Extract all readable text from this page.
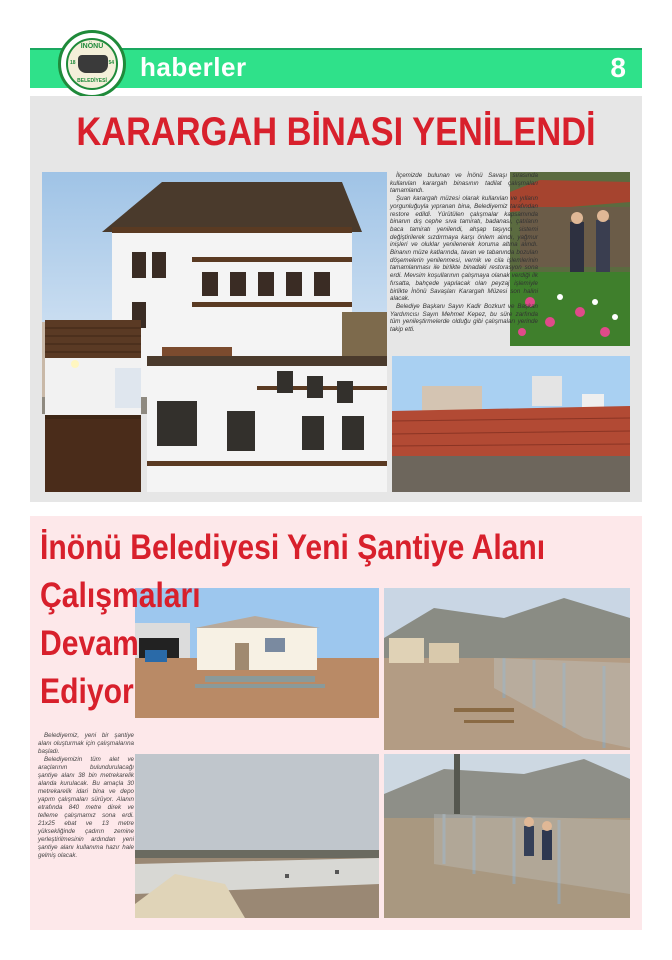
haberler	8
İNÖNÜ
18	54
BELEDİYESİ
KARARGAH BİNASI YENİLENDİ

İlçemizde bulunan ve İnönü Savaşı sırasında kullanılan karargah binasının tadilat çalışmaları tamamlandı.

Şuan karargah müzesi olarak kullanılan ve yılların yorgunluğuyla yıpranan bina, Belediyemiz tarafından restore edildi. Yürütülen çalışmalar kapsamında binanın dış cephe sıva tamiratı, badanası, çatıların baca tamiratı yenilendi, ahşap taşıyıcı sistemi değiştirilerek sızdırmaya karşı önlem alındı, yağmur inişleri ve oluklar yenilenerek koruma altına alındı. Binanın müze katlarında, tavan ve tabanında bozulan döşemelerin yenilenmesi, vernik ve cila işlemlerinin tamamlanması ile birlikte binadaki restorasyon sona erdi. Mevsim koşullarının çalışmaya olanak verdiği ilk fırsatta, bahçede yapılacak olan peyzaj işlemiyle birlikte İnönü Savaşları Karargah Müzesi son halini alacak.

Belediye Başkanı Sayın Kadir Bozkurt ve Başkan Yardımcısı Sayın Mehmet Kepez, bu süre zarfında tüm yenileştirmelerde olduğu gibi çalışmaları yerinde takip etti.

İnönü Belediyesi Yeni Şantiye Alanı
Çalışmaları
Devam
Ediyor

Belediyemiz, yeni bir şantiye alanı oluşturmak için çalışmalarına başladı.

Belediyemizin tüm alet ve araçlarının bulundurulacağı şantiye alanı 38 bin metrekarelik alanda kurulacak. Bu amaçla 30 metrekarelik idari bina ve depo yapım çalışmaları sürüyor. Alanın etrafında 840 metre direk ve telleme çalışmamız sona erdi. 21x25 ebat ve 13 metre yüksekliğinde çadırın zemine yerleştirilmesinin ardından yeni şantiye alanı kullanıma hazır hale gelmiş olacak.
